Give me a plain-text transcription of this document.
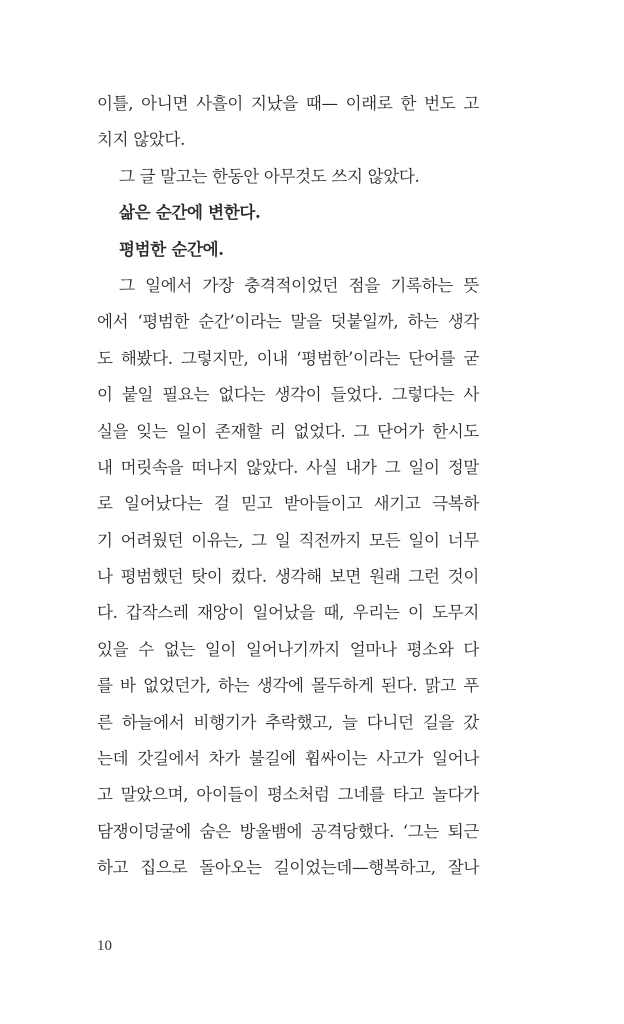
이틀, 아니면 사흘이 지났을 때— 이래로 한 번도 고
치지 않았다.
그 글 말고는 한동안 아무것도 쓰지 않았다.
삶은 순간에 변한다.
평범한 순간에.
그 일에서 가장 충격적이었던 점을 기록하는 뜻
에서 ‘평범한 순간’이라는 말을 덧붙일까, 하는 생각
도 해봤다. 그렇지만, 이내 ‘평범한’이라는 단어를 굳
이 붙일 필요는 없다는 생각이 들었다. 그렇다는 사
실을 잊는 일이 존재할 리 없었다. 그 단어가 한시도
내 머릿속을 떠나지 않았다. 사실 내가 그 일이 정말
로 일어났다는 걸 믿고 받아들이고 새기고 극복하
기 어려웠던 이유는, 그 일 직전까지 모든 일이 너무
나 평범했던 탓이 컸다. 생각해 보면 원래 그런 것이
다. 갑작스레 재앙이 일어났을 때, 우리는 이 도무지
있을 수 없는 일이 일어나기까지 얼마나 평소와 다
를 바 없었던가, 하는 생각에 몰두하게 된다. 맑고 푸
른 하늘에서 비행기가 추락했고, 늘 다니던 길을 갔
는데 갓길에서 차가 불길에 휩싸이는 사고가 일어나
고 말았으며, 아이들이 평소처럼 그네를 타고 놀다가
담쟁이덩굴에 숨은 방울뱀에 공격당했다. ‘그는 퇴근
하고 집으로 돌아오는 길이었는데—행복하고, 잘나
10
